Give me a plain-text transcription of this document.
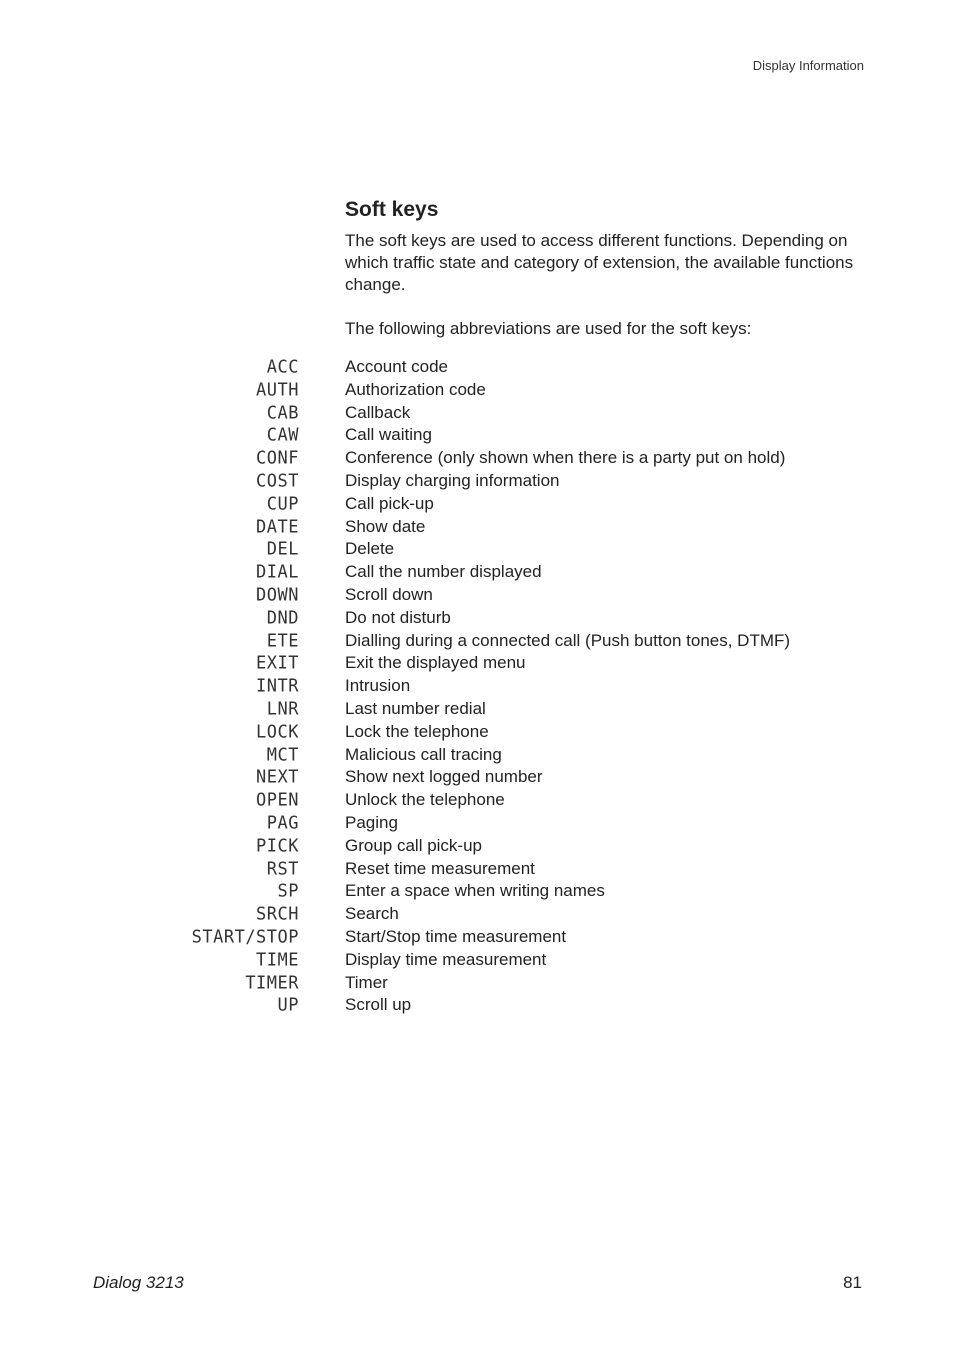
Display Information
Soft keys

The soft keys are used to access different functions. Depending on which traffic state and category of extension, the available functions change.

The following abbreviations are used for the soft keys:

ACC	Account code
AUTH	Authorization code
CAB	Callback
CAW	Call waiting
CONF	Conference (only shown when there is a party put on hold)
COST	Display charging information
CUP	Call pick-up
DATE	Show date
DEL	Delete
DIAL	Call the number displayed
DOWN	Scroll down
DND	Do not disturb
ETE	Dialling during a connected call (Push button tones, DTMF)
EXIT	Exit the displayed menu
INTR	Intrusion
LNR	Last number redial
LOCK	Lock the telephone
MCT	Malicious call tracing
NEXT	Show next logged number
OPEN	Unlock the telephone
PAG	Paging
PICK	Group call pick-up
RST	Reset time measurement
SP	Enter a space when writing names
SRCH	Search
START/STOP	Start/Stop time measurement
TIME	Display time measurement
TIMER	Timer
UP	Scroll up
Dialog 3213	81
